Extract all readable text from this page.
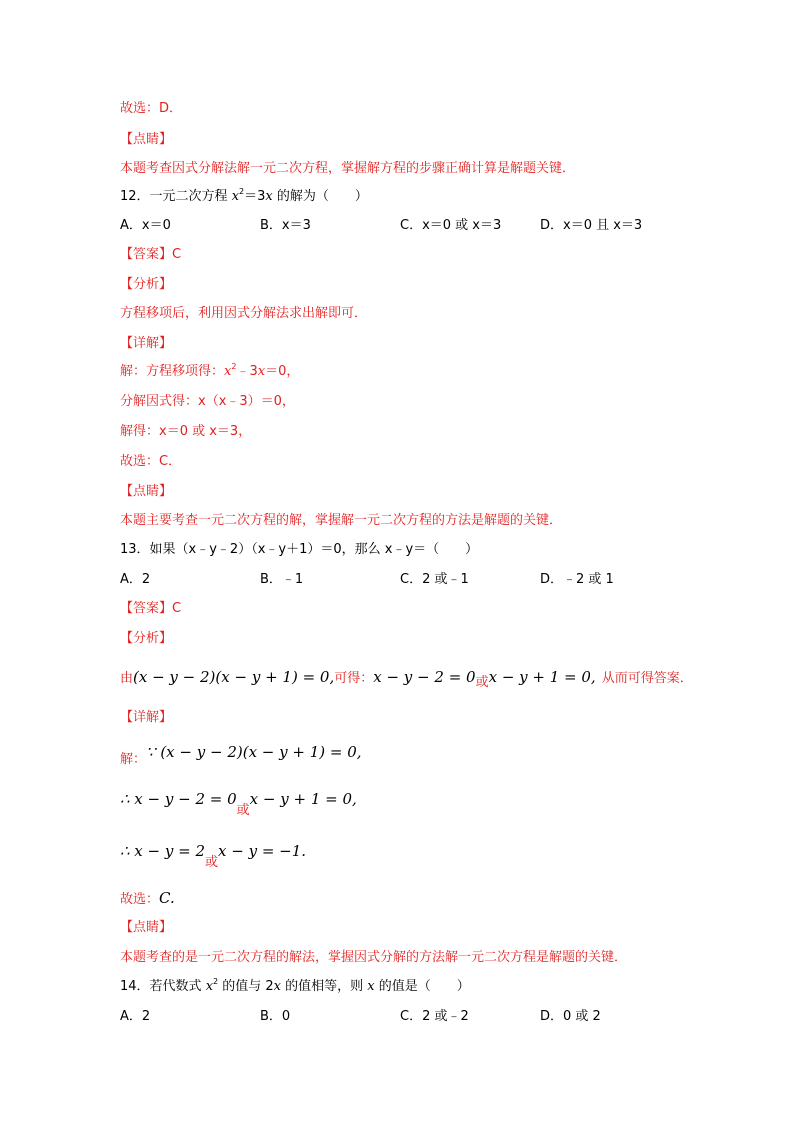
故选：D．
【点睛】
本题考查因式分解法解一元二次方程，掌握解方程的步骤正确计算是解题关键．
12．一元二次方程 $x^2=3x$ 的解为（　　）
A．x＝0	B．x＝3	C．x＝0 或 x＝3	D．x＝0 且 x＝3
【答案】C
【分析】
方程移项后，利用因式分解法求出解即可．
【详解】
解：方程移项得：$x^2﹣3x=0$，
分解因式得：x（x﹣3）＝0，
解得：x＝0 或 x＝3，
故选：C．
【点睛】
本题主要考查一元二次方程的解，掌握解一元二次方程的方法是解题的关键．
13．如果（x﹣y﹣2）（x﹣y＋1）＝0，那么 x﹣y＝（　　）
A．2	B．﹣1	C．2 或﹣1	D．﹣2 或 1
【答案】C
【分析】
由(x − y − 2)(x − y + 1) = 0,可得：x − y − 2 = 0或x − y + 1 = 0, 从而可得答案．
【详解】
解：∵ (x − y − 2)(x − y + 1) = 0,
∴ x − y − 2 = 0或x − y + 1 = 0,
∴ x − y = 2或x − y = −1.
故选：C.
【点睛】
本题考查的是一元二次方程的解法，掌握因式分解的方法解一元二次方程是解题的关键．
14．若代数式 $x^2$ 的值与 2x 的值相等，则 x 的值是（　　）
A．2	B．0	C．2 或﹣2	D．0 或 2
